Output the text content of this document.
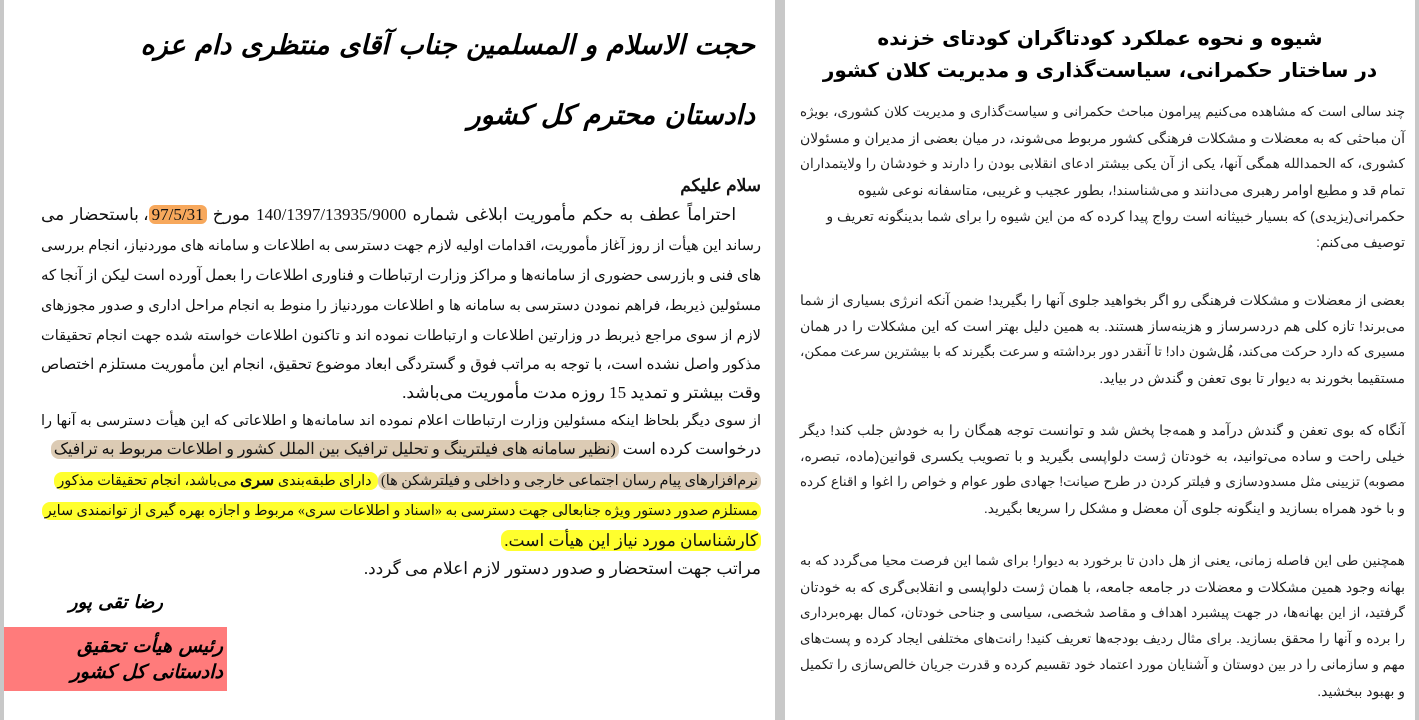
حجت الاسلام و المسلمین جناب آقای منتظری دام عزه
دادستان محترم کل کشور
سلام علیکم
احتراماً عطف به حکم مأموریت ابلاغی شماره 140/1397/13935/9000 مورخ 97/5/31، باستحضار می
رساند این هیأت از روز آغاز مأموریت، اقدامات اولیه لازم جهت دسترسی به اطلاعات و سامانه های موردنیاز، انجام بررسی
های فنی و بازرسی حضوری از سامانه‌ها و مراکز وزارت ارتباطات و فناوری اطلاعات را بعمل آورده است لیکن از آنجا که
مسئولین ذیربط، فراهم نمودن دسترسی به سامانه ها و اطلاعات موردنیاز را منوط به انجام مراحل اداری و صدور مجوزهای
لازم از سوی مراجع ذیربط در وزارتین اطلاعات و ارتباطات نموده اند و تاکنون اطلاعات خواسته شده جهت انجام تحقیقات
مذکور واصل نشده است، با توجه به مراتب فوق و گستردگی ابعاد موضوع تحقیق، انجام این مأموریت مستلزم اختصاص
وقت بیشتر و تمدید 15 روزه مدت مأموریت می‌باشد.
از سوی دیگر بلحاظ اینکه مسئولین وزارت ارتباطات اعلام نموده اند سامانه‌ها و اطلاعاتی که این هیأت دسترسی به آنها را
درخواست کرده است (نظیر سامانه های فیلترینگ و تحلیل ترافیک بین الملل کشور و اطلاعات مربوط به ترافیک
نرم‌افزارهای پیام رسان اجتماعی خارجی و داخلی و فیلترشکن ها) دارای طبقه‌بندی سری می‌باشد، انجام تحقیقات مذکور
مستلزم صدور دستور ویژه جنابعالی جهت دسترسی به «اسناد و اطلاعات سری» مربوط و اجازه بهره گیری از توانمندی سایر
کارشناسان مورد نیاز این هیأت است.
مراتب جهت استحضار و صدور دستور لازم اعلام می گردد.
رضا تقی پور
رئیس هیأت تحقیق دادستانی کل کشور
شیوه و نحوه عملکرد کودتاگران کودتای خزنده
در ساختار حکمرانی، سیاست‌گذاری و مدیریت کلان کشور
چند سالی است که مشاهده می‌کنیم پیرامون مباحث حکمرانی و سیاست‌گذاری و مدیریت کلان کشوری، بویژه
آن مباحثی که به معضلات و مشکلات فرهنگی کشور مربوط می‌شوند، در میان بعضی از مدیران و مسئولان
کشوری، که الحمدالله همگی آنها، یکی از آن یکی بیشتر ادعای انقلابی بودن را دارند و خودشان را ولایتمداران
تمام قد و مطیع اوامر رهبری می‌دانند و می‌شناسند!، بطور عجیب و غریبی، متاسفانه نوعی شیوه
حکمرانی(یزیدی) که بسیار خبیثانه است رواج پیدا کرده که من این شیوه را برای شما بدینگونه تعریف و
توصیف می‌کنم:
بعضی از معضلات و مشکلات فرهنگی رو اگر بخواهید جلوی آنها را بگیرید! ضمن آنکه انرژی بسیاری از شما
می‌برند! تازه کلی هم دردسرساز و هزینه‌ساز هستند. به همین دلیل بهتر است که این مشکلات را در همان
مسیری که دارد حرکت می‌کند، هُل‌شون داد! تا آنقدر دور برداشته و سرعت بگیرند که با بیشترین سرعت ممکن،
مستقیما بخورند به دیوار تا بوی تعفن و گندش در بیاید.
آنگاه که بوی تعفن و گندش درآمد و همه‌جا پخش شد و توانست توجه همگان را به خودش جلب کند! دیگر
خیلی راحت و ساده می‌توانید، به خودتان ژست دلواپسی بگیرید و با تصویب یکسری قوانین(ماده، تبصره،
مصوبه) تزیینی مثل مسدودسازی و فیلتر کردن در طرح صیانت! جهادی طور عوام و خواص را اغوا و اقناع کرده
و با خود همراه بسازید و اینگونه جلوی آن معضل و مشکل را سریعا بگیرید.
همچنین طی این فاصله زمانی، یعنی از هل دادن تا برخورد به دیوار! برای شما این فرصت محیا می‌گردد که به
بهانه وجود همین مشکلات و معضلات در جامعه جامعه، با همان ژست دلواپسی و انقلابی‌گری که به خودتان
گرفتید، از این بهانه‌ها، در جهت پیشبرد اهداف و مقاصد شخصی، سیاسی و جناحی خودتان، کمال بهره‌برداری
را برده و آنها را محقق بسازید. برای مثال ردیف بودجه‌ها تعریف کنید! رانت‌های مختلفی ایجاد کرده و پست‌های
مهم و سازمانی را در بین دوستان و آشنایان مورد اعتماد خود تقسیم کرده و قدرت جریان خالص‌سازی را تکمیل
و بهبود ببخشید.
